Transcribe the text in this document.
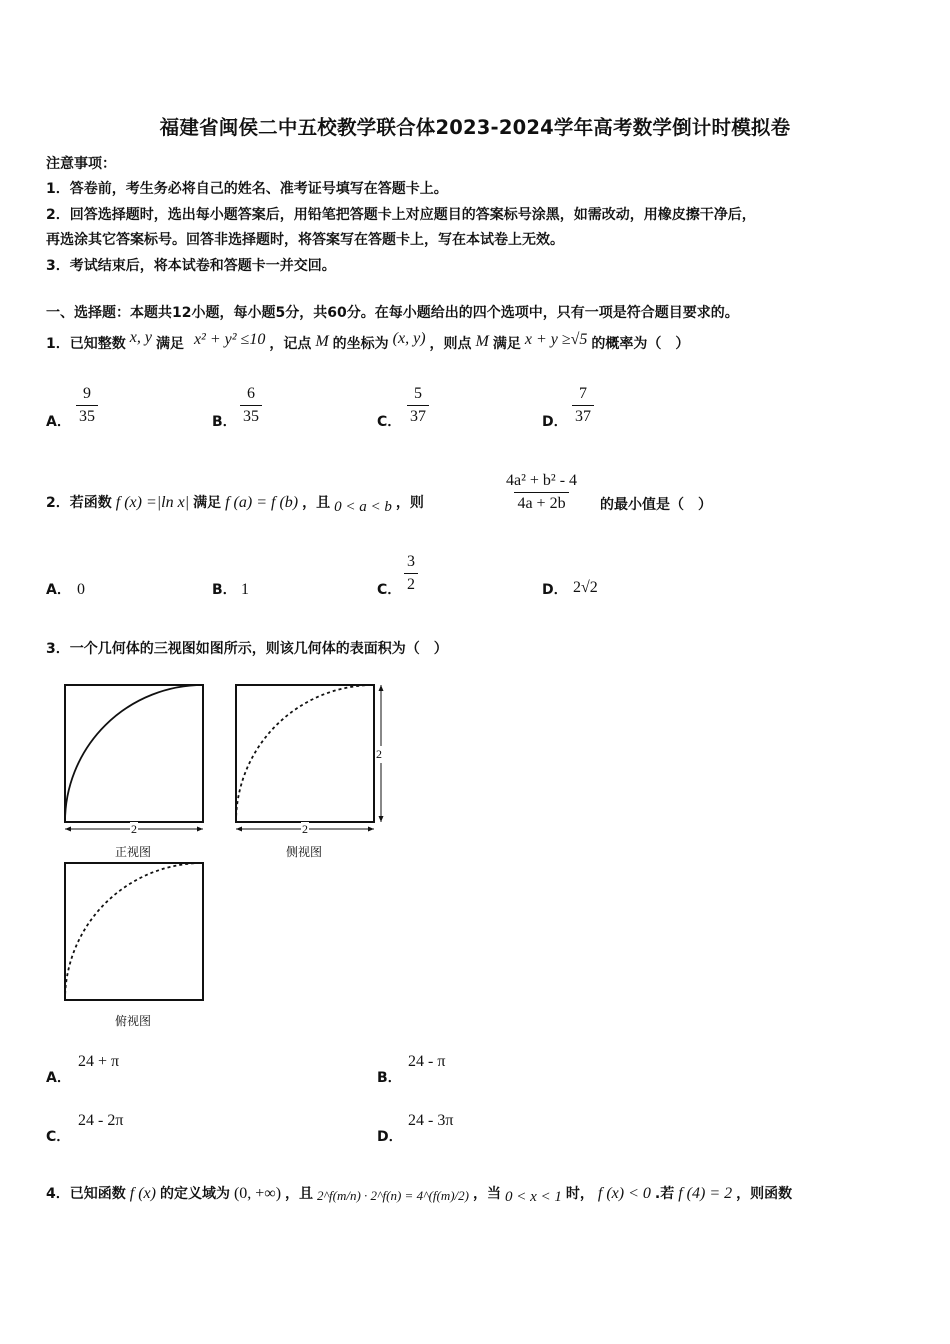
福建省闽侯二中五校教学联合体2023-2024学年高考数学倒计时模拟卷
注意事项：
1．答卷前，考生务必将自己的姓名、准考证号填写在答题卡上。
2．回答选择题时，选出每小题答案后，用铅笔把答题卡上对应题目的答案标号涂黑，如需改动，用橡皮擦干净后，
再选涂其它答案标号。回答非选择题时，将答案写在答题卡上，写在本试卷上无效。
3．考试结束后，将本试卷和答题卡一并交回。
一、选择题：本题共12小题，每小题5分，共60分。在每小题给出的四个选项中，只有一项是符合题目要求的。
1．已知整数 x, y 满足 x² + y² ≤10 ，记点 M 的坐标为 (x, y) ，则点 M 满足 x + y ≥√5 的概率为（　）
A． $\frac{9}{35}$	B． $\frac{6}{35}$	C． $\frac{5}{37}$	D． $\frac{7}{37}$
2．若函数 f (x) =|ln x| 满足 f (a) = f (b) ，且 0 < a < b ，则	$\frac{\text{4a² + b² - 4}}{4a + 2b}$ 的最小值是（　）
A． 0	B． 1	C． $\frac{3}{2}$	D． 2√2
3．一个几何体的三视图如图所示，则该几何体的表面积为（　）
2
正视图
2
2
侧视图
俯视图
A．
24 + π
B．
24 - π
C．
24 - 2π
D．
24 - 3π
4．已知函数 f (x) 的定义域为 (0, +∞) ，且 2^f(m/n) · 2^f(n) = 4^(f(m)/2) ，当 0 < x < 1 时， f (x) < 0 .若 f (4) = 2 ，则函数
